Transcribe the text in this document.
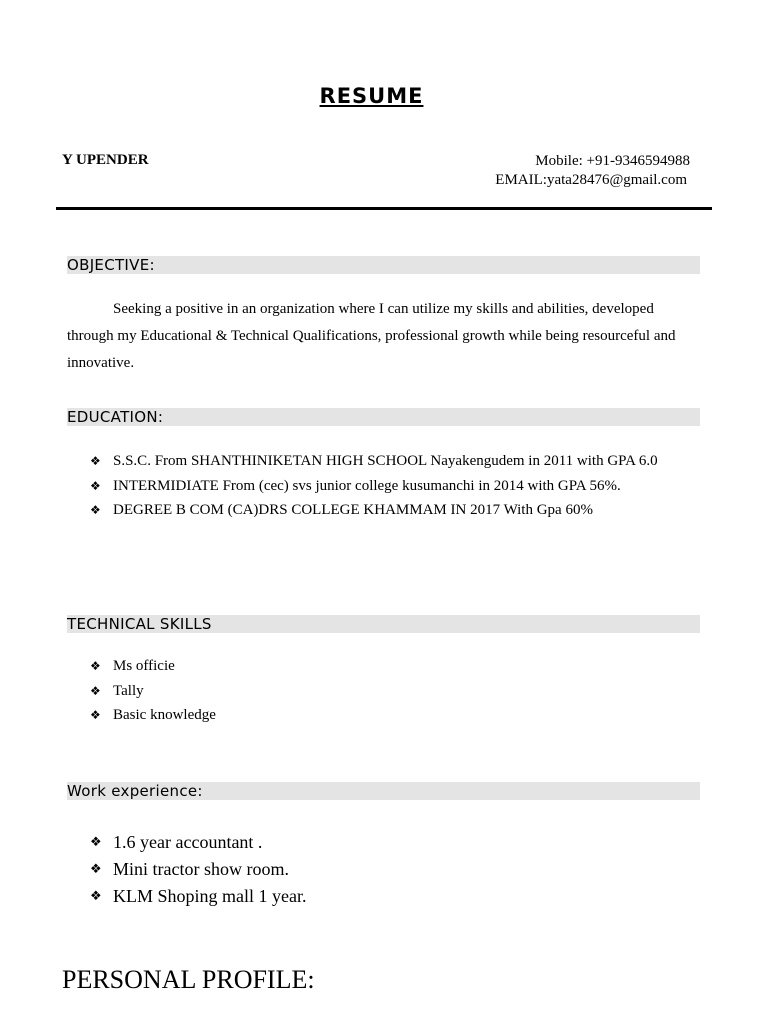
RESUME
Y UPENDER	Mobile: +91-9346594988
EMAIL:yata28476@gmail.com
OBJECTIVE:
Seeking a positive in an organization where I can utilize my skills and abilities, developed through my Educational & Technical Qualifications, professional growth while being resourceful and innovative.
EDUCATION:
❖ S.S.C. From SHANTHINIKETAN HIGH SCHOOL Nayakengudem in 2011 with GPA 6.0
❖ INTERMIDIATE From (cec) svs junior college kusumanchi in 2014 with GPA 56%.
❖ DEGREE B COM (CA)DRS COLLEGE KHAMMAM IN 2017 With Gpa 60%
TECHNICAL SKILLS
❖ Ms officie
❖ Tally
❖ Basic knowledge
Work experience:
❖ 1.6 year accountant .
❖ Mini tractor show room.
❖ KLM Shoping mall 1 year.
PERSONAL PROFILE:
